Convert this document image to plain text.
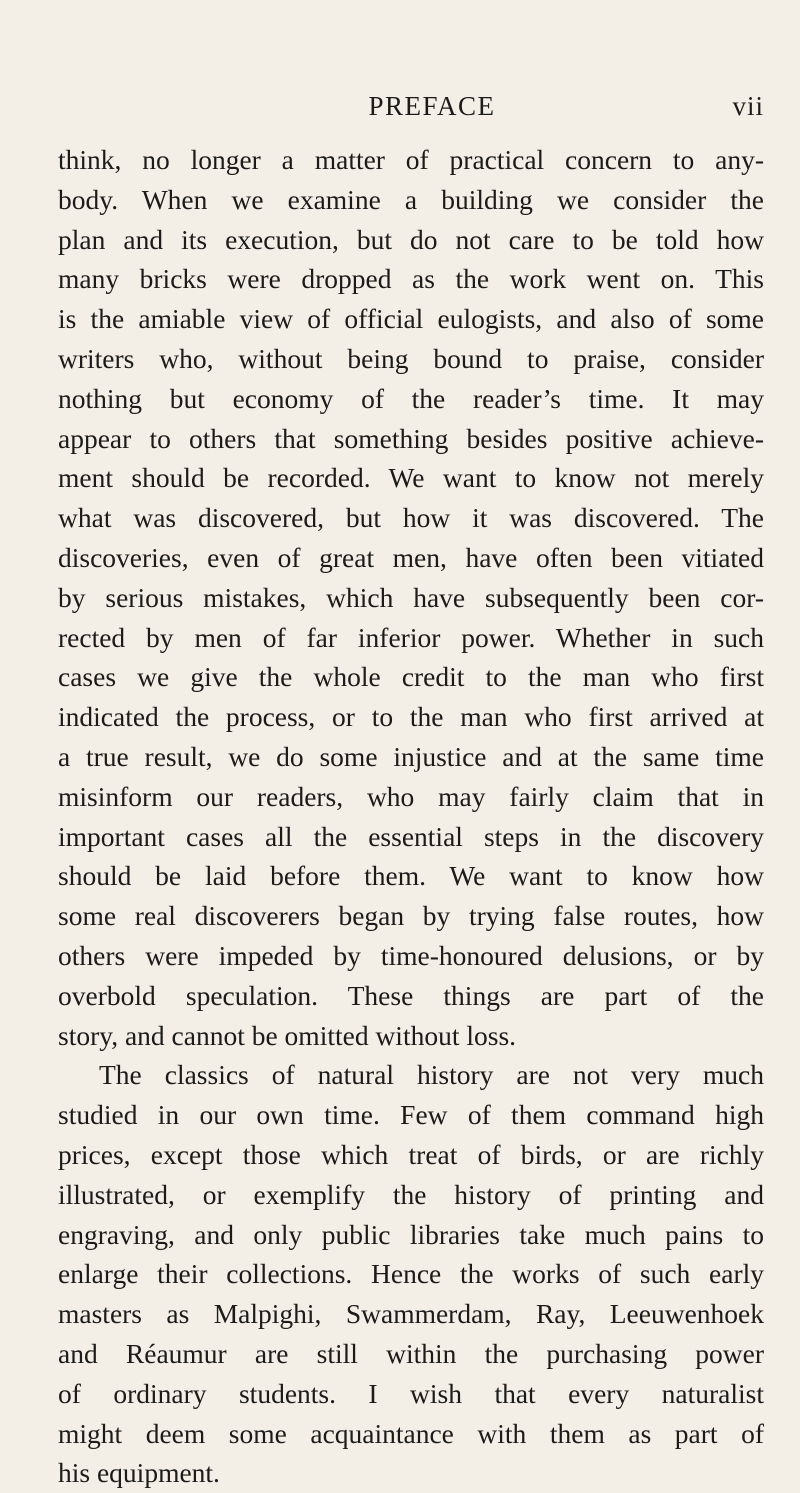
PREFACE	vii
think, no longer a matter of practical concern to any-
body. When we examine a building we consider the
plan and its execution, but do not care to be told how
many bricks were dropped as the work went on. This
is the amiable view of official eulogists, and also of some
writers who, without being bound to praise, consider
nothing but economy of the reader’s time. It may
appear to others that something besides positive achieve-
ment should be recorded. We want to know not merely
what was discovered, but how it was discovered. The
discoveries, even of great men, have often been vitiated
by serious mistakes, which have subsequently been cor-
rected by men of far inferior power. Whether in such
cases we give the whole credit to the man who first
indicated the process, or to the man who first arrived at
a true result, we do some injustice and at the same time
misinform our readers, who may fairly claim that in
important cases all the essential steps in the discovery
should be laid before them. We want to know how
some real discoverers began by trying false routes, how
others were impeded by time-honoured delusions, or by
overbold speculation. These things are part of the
story, and cannot be omitted without loss.
The classics of natural history are not very much
studied in our own time. Few of them command high
prices, except those which treat of birds, or are richly
illustrated, or exemplify the history of printing and
engraving, and only public libraries take much pains to
enlarge their collections. Hence the works of such early
masters as Malpighi, Swammerdam, Ray, Leeuwenhoek
and Réaumur are still within the purchasing power
of ordinary students. I wish that every naturalist
might deem some acquaintance with them as part of
his equipment.
